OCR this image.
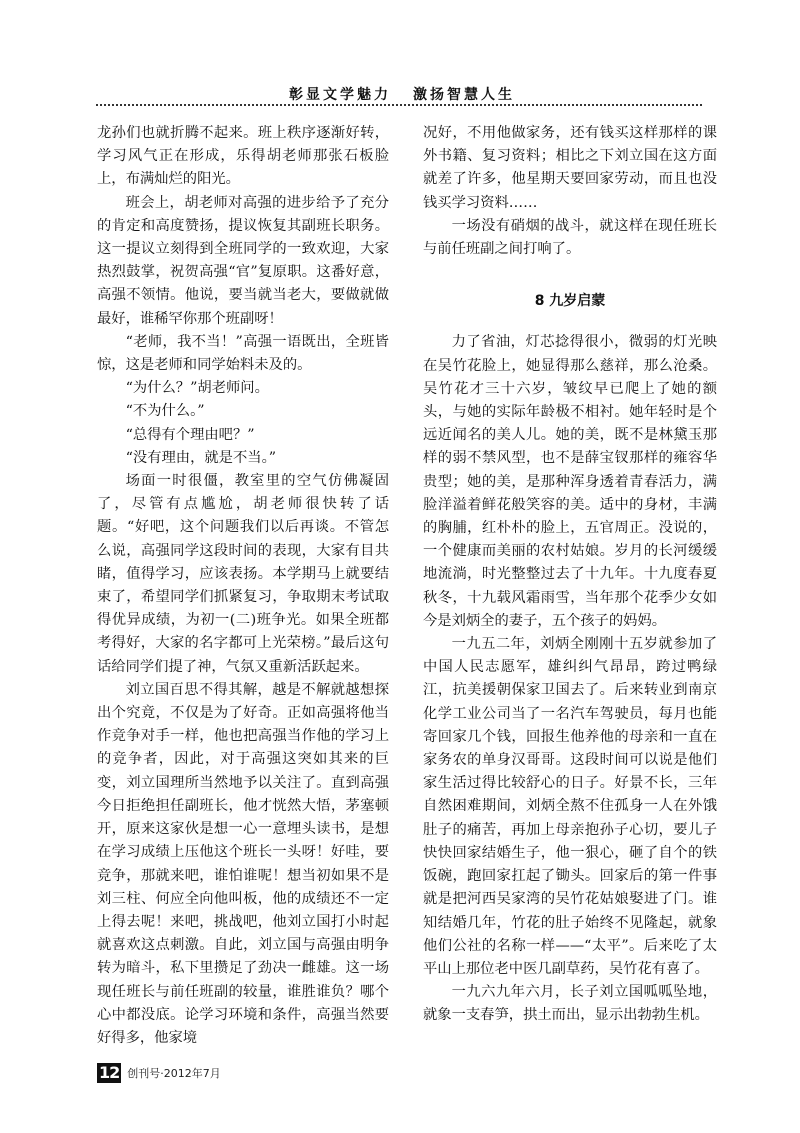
彰显文学魅力 激扬智慧人生

龙孙们也就折腾不起来。班上秩序逐渐好转，学习风气正在形成，乐得胡老师那张石板脸上，布满灿烂的阳光。

班会上，胡老师对高强的进步给予了充分的肯定和高度赞扬，提议恢复其副班长职务。这一提议立刻得到全班同学的一致欢迎，大家热烈鼓掌，祝贺高强“官”复原职。这番好意，高强不领情。他说，要当就当老大，要做就做最好，谁稀罕你那个班副呀！

“老师，我不当！”高强一语既出，全班皆惊，这是老师和同学始料未及的。

“为什么？”胡老师问。

“不为什么。”

“总得有个理由吧？”

“没有理由，就是不当。”

场面一时很僵，教室里的空气仿佛凝固了，尽管有点尴尬，胡老师很快转了话题。“好吧，这个问题我们以后再谈。不管怎么说，高强同学这段时间的表现，大家有目共睹，值得学习，应该表扬。本学期马上就要结束了，希望同学们抓紧复习，争取期末考试取得优异成绩，为初一(二)班争光。如果全班都考得好，大家的名字都可上光荣榜。”最后这句话给同学们提了神，气氛又重新活跃起来。

刘立国百思不得其解，越是不解就越想探出个究竟，不仅是为了好奇。正如高强将他当作竞争对手一样，他也把高强当作他的学习上的竞争者，因此，对于高强这突如其来的巨变，刘立国理所当然地予以关注了。直到高强今日拒绝担任副班长，他才恍然大悟，茅塞顿开，原来这家伙是想一心一意埋头读书，是想在学习成绩上压他这个班长一头呀！好哇，要竞争，那就来吧，谁怕谁呢！想当初如果不是刘三柱、何应全向他叫板，他的成绩还不一定上得去呢！来吧，挑战吧，他刘立国打小时起就喜欢这点刺激。自此，刘立国与高强由明争转为暗斗，私下里攒足了劲决一雌雄。这一场现任班长与前任班副的较量，谁胜谁负？哪个心中都没底。论学习环境和条件，高强当然要好得多，他家境

况好，不用他做家务，还有钱买这样那样的课外书籍、复习资料；相比之下刘立国在这方面就差了许多，他星期天要回家劳动，而且也没钱买学习资料……

一场没有硝烟的战斗，就这样在现任班长与前任班副之间打响了。

8 九岁启蒙

力了省油，灯芯捻得很小，微弱的灯光映在吴竹花脸上，她显得那么慈祥，那么沧桑。吴竹花才三十六岁，皱纹早已爬上了她的额头，与她的实际年龄极不相衬。她年轻时是个远近闻名的美人儿。她的美，既不是林黛玉那样的弱不禁风型，也不是薛宝钗那样的雍容华贵型；她的美，是那种浑身透着青春活力，满脸洋溢着鲜花般笑容的美。适中的身材，丰满的胸脯，红朴朴的脸上，五官周正。没说的，一个健康而美丽的农村姑娘。岁月的长河缓缓地流淌，时光整整过去了十九年。十九度春夏秋冬，十九载风霜雨雪，当年那个花季少女如今是刘炳全的妻子，五个孩子的妈妈。

一九五二年，刘炳全刚刚十五岁就参加了中国人民志愿军，雄纠纠气昂昂，跨过鸭绿江，抗美援朝保家卫国去了。后来转业到南京化学工业公司当了一名汽车驾驶员，每月也能寄回家几个钱，回报生他养他的母亲和一直在家务农的单身汉哥哥。这段时间可以说是他们家生活过得比较舒心的日子。好景不长，三年自然困难期间，刘炳全熬不住孤身一人在外饿肚子的痛苦，再加上母亲抱孙子心切，要儿子快快回家结婚生子，他一狠心，砸了自个的铁饭碗，跑回家扛起了锄头。回家后的第一件事就是把河西吴家湾的吴竹花姑娘娶进了门。谁知结婚几年，竹花的肚子始终不见隆起，就象他们公社的名称一样——“太平”。后来吃了太平山上那位老中医几副草药，吴竹花有喜了。

一九六九年六月，长子刘立国呱呱坠地，就象一支春笋，拱土而出，显示出勃勃生机。

12 创刊号·2012年7月
